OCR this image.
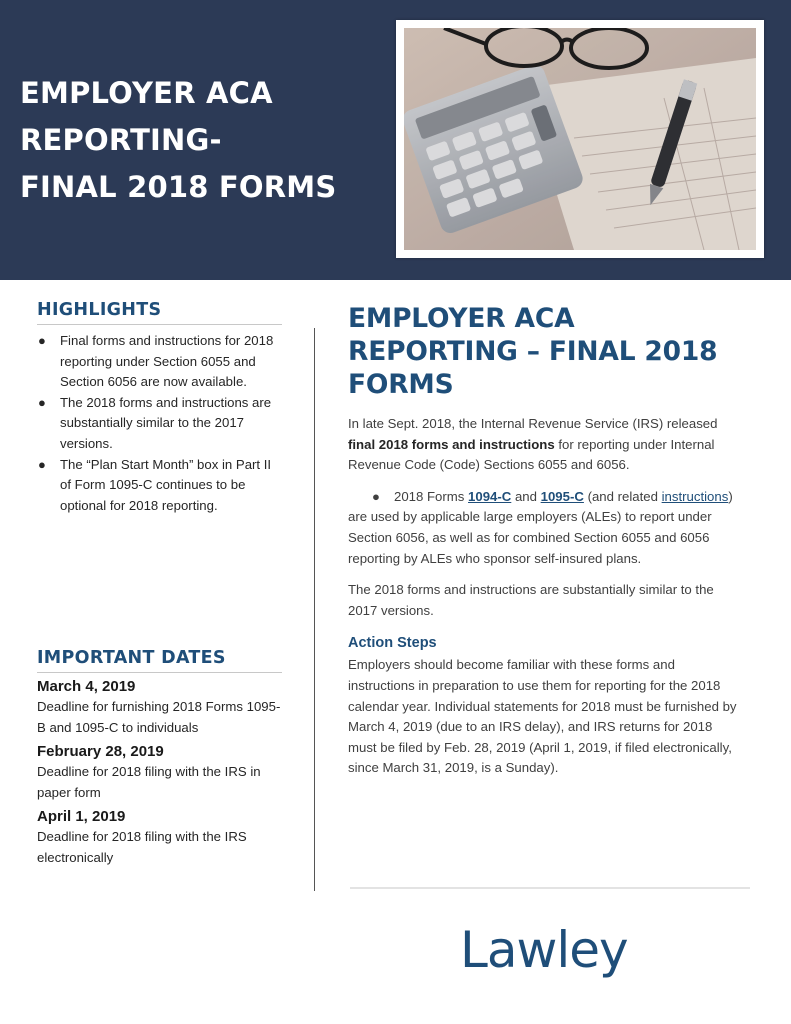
EMPLOYER ACA
REPORTING-
FINAL 2018 FORMS
HIGHLIGHTS
● Final forms and instructions for 2018 reporting under Section 6055 and Section 6056 are now available.
● The 2018 forms and instructions are substantially similar to the 2017 versions.
● The “Plan Start Month” box in Part II of Form 1095-C continues to be optional for 2018 reporting.
IMPORTANT DATES
March 4, 2019
Deadline for furnishing 2018 Forms 1095-B and 1095-C to individuals
February 28, 2019
Deadline for 2018 filing with the IRS in paper form
April 1, 2019
Deadline for 2018 filing with the IRS electronically
EMPLOYER ACA REPORTING – FINAL 2018 FORMS

In late Sept. 2018, the Internal Revenue Service (IRS) released final 2018 forms and instructions for reporting under Internal Revenue Code (Code) Sections 6055 and 6056.

● 2018 Forms 1094-C and 1095-C (and related instructions) are used by applicable large employers (ALEs) to report under Section 6056, as well as for combined Section 6055 and 6056 reporting by ALEs who sponsor self-insured plans.

The 2018 forms and instructions are substantially similar to the 2017 versions.

Action Steps

Employers should become familiar with these forms and instructions in preparation to use them for reporting for the 2018 calendar year. Individual statements for 2018 must be furnished by March 4, 2019 (due to an IRS delay), and IRS returns for 2018 must be filed by Feb. 28, 2019 (April 1, 2019, if filed electronically, since March 31, 2019, is a Sunday).

Lawley
